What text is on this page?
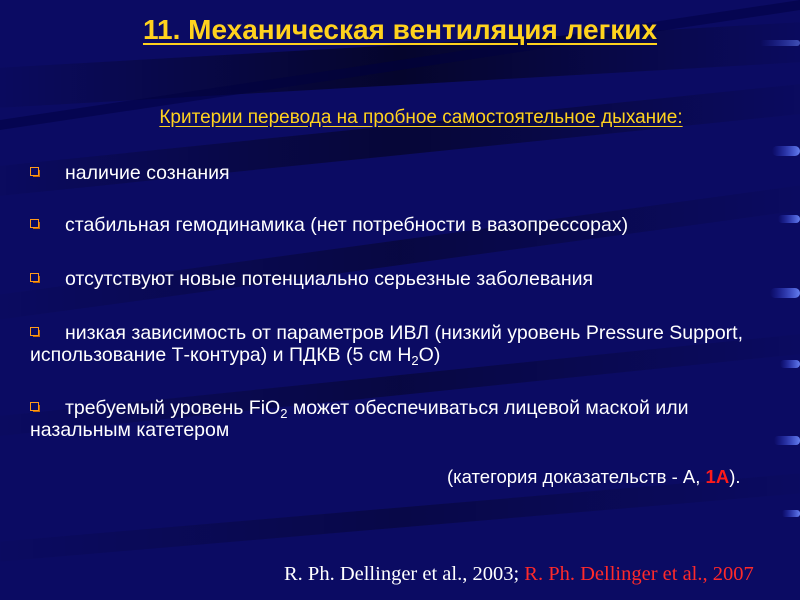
11. Механическая вентиляция легких
Критерии перевода на пробное самостоятельное дыхание:
наличие сознания
стабильная гемодинамика (нет потребности в вазопрессорах)
отсутствуют новые потенциально серьезные заболевания
низкая зависимость от параметров ИВЛ (низкий уровень Pressure Support, использование Т-контура) и ПДКВ (5 см $H_2O$)
требуемый уровень FiO$_2$ может обеспечиваться лицевой маской или назальным катетером
(категория доказательств - А, 1А).
R. Ph. Dellinger et al., 2003; R. Ph. Dellinger et al., 2007
